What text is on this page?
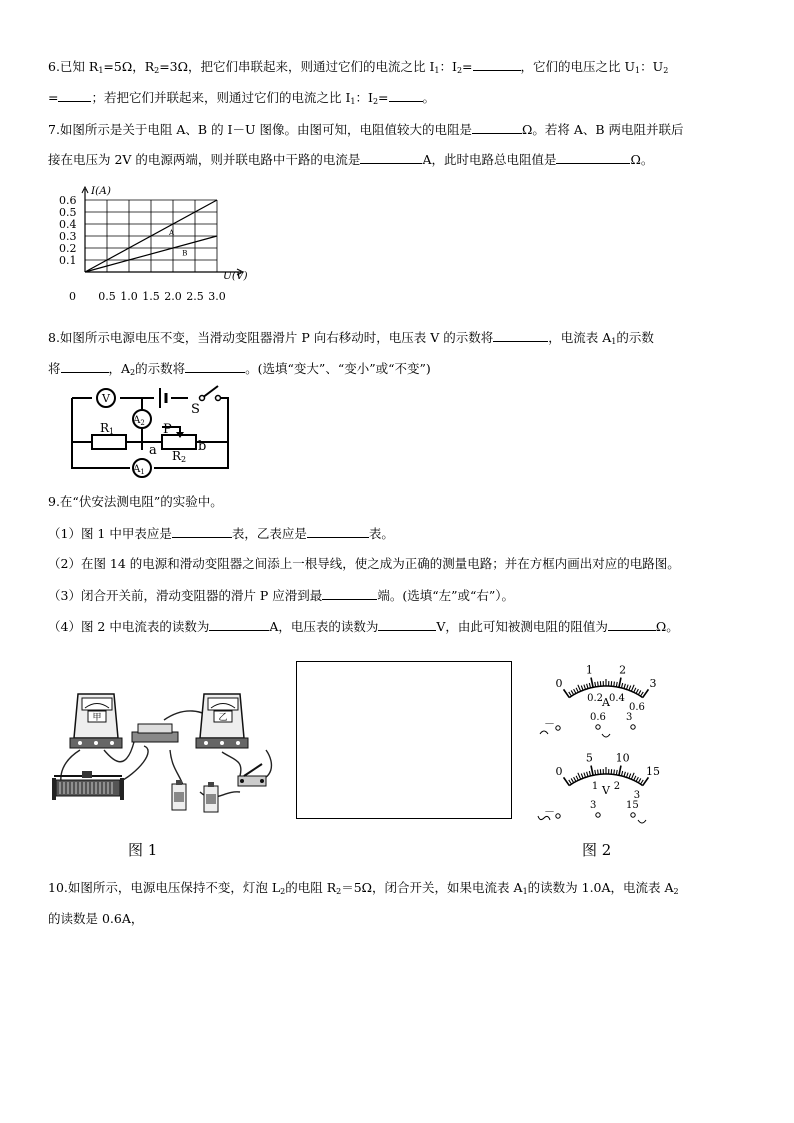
6.已知 $R_1=5\Omega$，$R_2=3\Omega$，把它们串联起来，则通过它们的电流之比 $I_1$：$I_2=$	，它们的电压之比 $U_1$：$U_2$
=	；若把它们并联起来，则通过它们的电流之比 $I_1$：$I_2=$	。
7.如图所示是关于电阻 A、B 的 I－U 图像。由图可知，电阻值较大的电阻是	Ω。若将 A、B 两电阻并联后
接在电压为 2V 的电源两端，则并联电路中干路的电流是	A，此时电路总电阻值是	Ω。
A
B
0.1
0.2
0.3
0.4
0.5
0.6
0.5 1.0 1.5 2.0 2.5 3.0
0
I(A)
U(V)
8.如图所示电源电压不变，当滑动变阻器滑片 P 向右移动时，电压表 V 的示数将	，电流表 $A_1$的示数
将	，$A_2$的示数将	。(选填“变大”、“变小”或“不变”)
V
$A_2$
$A_1$
S
R1
R2
P
a	b
9.在“伏安法测电阻”的实验中。
（1）图 1 中甲表应是	表，乙表应是	表。
（2）在图 14 的电源和滑动变阻器之间添上一根导线，使之成为正确的测量电路；并在方框内画出对应的电路图。
（3）闭合开关前，滑动变阻器的滑片 P 应滑到最	端。(选填“左”或“右”）。
（4）图 2 中电流表的读数为	A，电压表的读数为	V，由此可知被测电阻的阻值为	Ω。
甲	乙
0
1 2
3
0.2 0.4
0.6
A
－	0.6 3
0
5 10
15
1 2
3
V
－	3	15
图 1	图 2
10.如图所示，电源电压保持不变，灯泡 $L_2$的电阻 $R_2=5\Omega$，闭合开关，如果电流表 $A_1$的读数为 1.0A，电流表 $A_2$
的读数是 0.6A，
